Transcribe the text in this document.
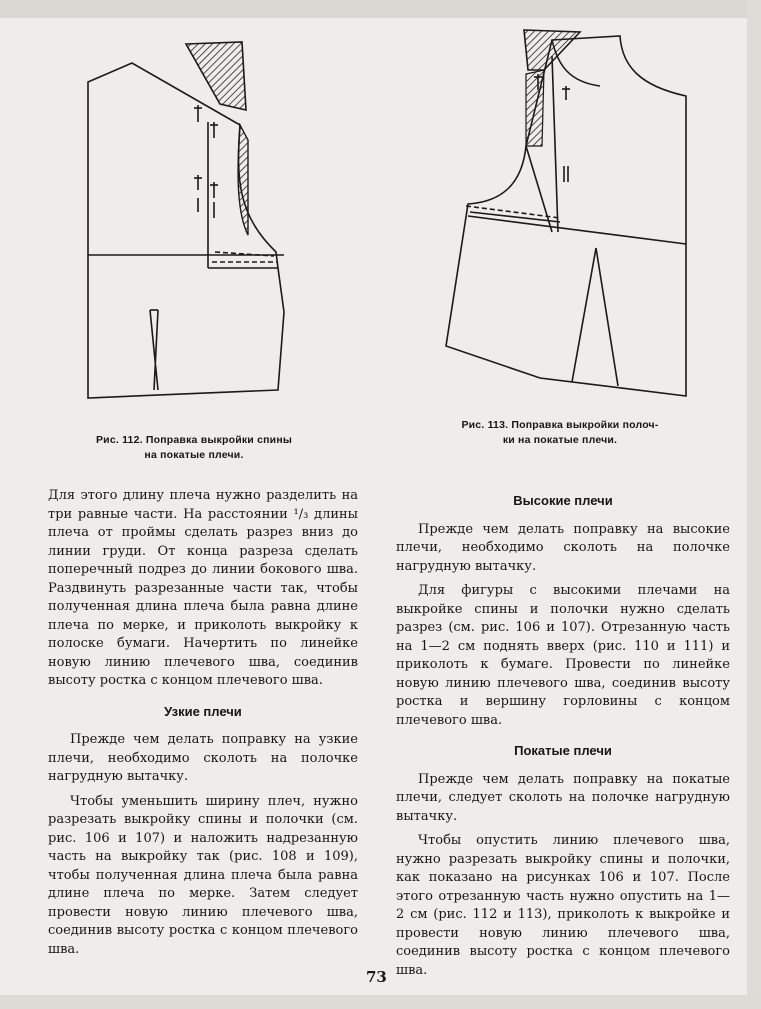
Рис. 112. Поправка выкройки спины
на покатые плечи.
Рис. 113. Поправка выкройки полоч-
ки на покатые плечи.

Для этого длину плеча нужно разделить на три равные части. На расстоянии ¹/₃ длины плеча от проймы сделать разрез вниз до линии груди. От конца разреза сделать поперечный подрез до линии бокового шва. Раздвинуть разрезанные части так, чтобы полученная длина плеча была равна длине плеча по мерке, и приколоть выкройку к полоске бумаги. Начертить по линейке новую линию плечевого шва, соединив высоту ростка с концом плечевого шва.

Узкие плечи

Прежде чем делать поправку на узкие плечи, необходимо сколоть на полочке нагрудную вытачку.

Чтобы уменьшить ширину плеч, нужно разрезать выкройку спины и полочки (см. рис. 106 и 107) и наложить надрезанную часть на выкройку так (рис. 108 и 109), чтобы полученная длина плеча была равна длине плеча по мерке. Затем следует провести новую линию плечевого шва, соединив высоту ростка с концом плечевого шва.

Высокие плечи

Прежде чем делать поправку на высокие плечи, необходимо сколоть на полочке нагрудную вытачку.

Для фигуры с высокими плечами на выкройке спины и полочки нужно сделать разрез (см. рис. 106 и 107). Отрезанную часть на 1—2 см поднять вверх (рис. 110 и 111) и приколоть к бумаге. Провести по линейке новую линию плечевого шва, соединив высоту ростка и вершину горловины с концом плечевого шва.

Покатые плечи

Прежде чем делать поправку на покатые плечи, следует сколоть на полочке нагрудную вытачку.

Чтобы опустить линию плечевого шва, нужно разрезать выкройку спины и полочки, как показано на рисунках 106 и 107. После этого отрезанную часть нужно опустить на 1—2 см (рис. 112 и 113), приколоть к выкройке и провести новую линию плечевого шва, соединив высоту ростка с концом плечевого шва.

73
